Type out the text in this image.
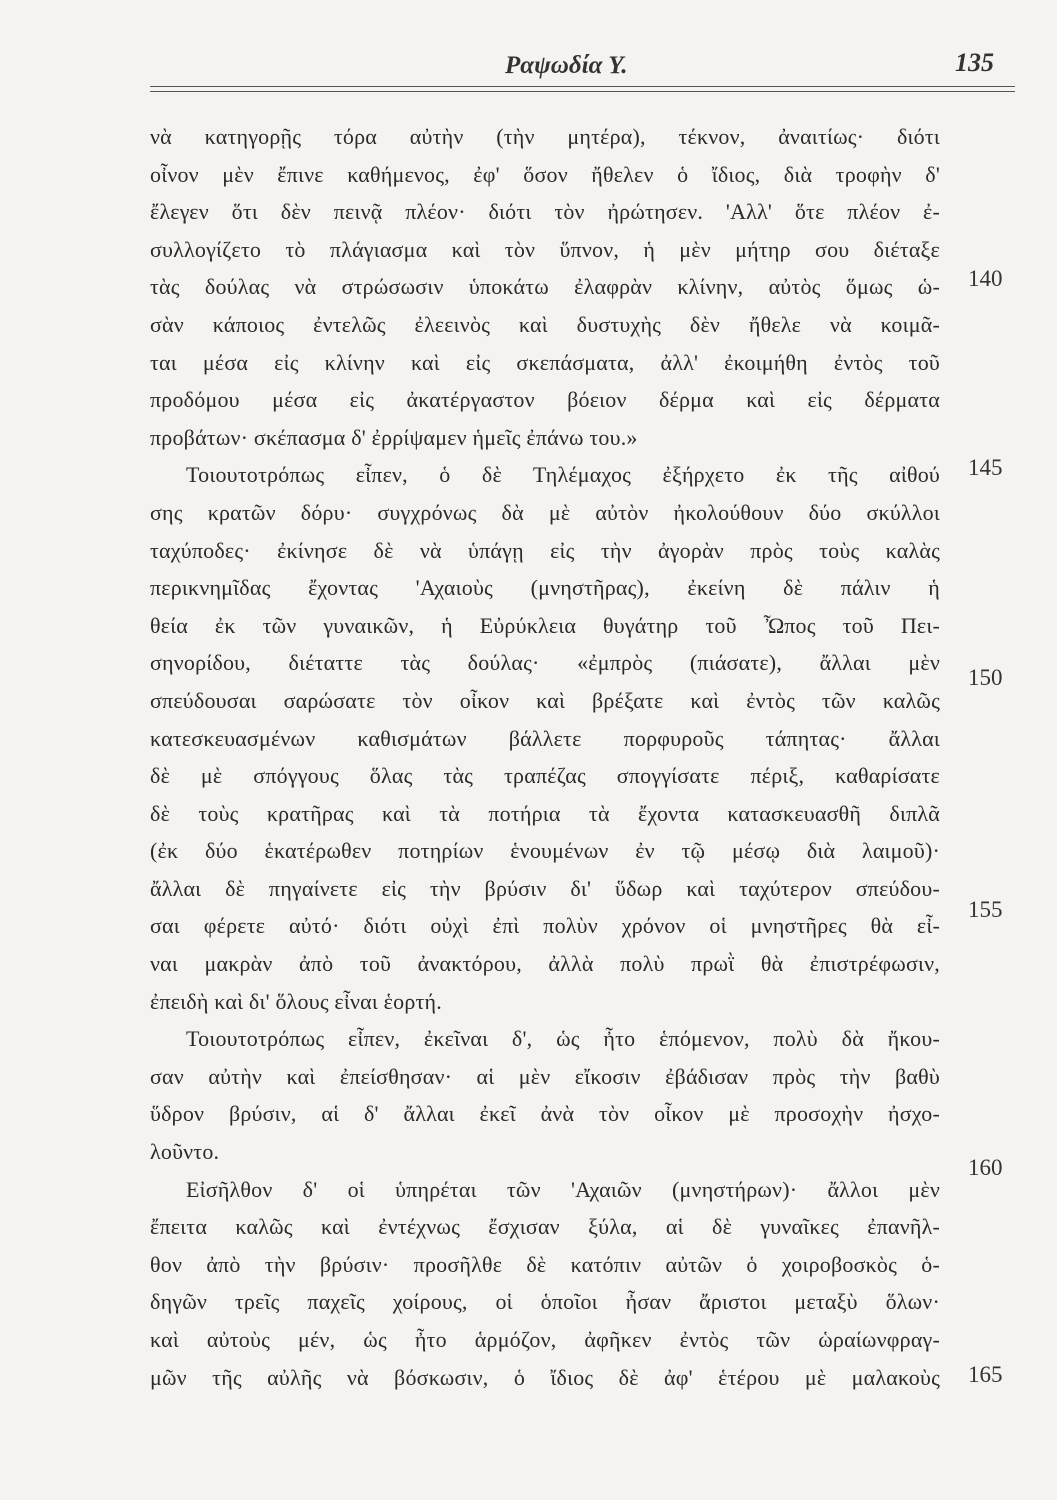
Ραψωδία Υ.	135
νὰ κατηγορῇς τόρα αὐτὴν (τὴν μητέρα), τέκνον, ἀναιτίως· διότι
οἶνον μὲν ἔπινε καθήμενος, ἐφ' ὅσον ἤθελεν ὁ ἴδιος, διὰ τροφὴν δ'
ἔλεγεν ὅτι δὲν πεινᾷ πλέον· διότι τὸν ἠρώτησεν. 'Αλλ' ὅτε πλέον ἐ-
συλλογίζετο τὸ πλάγιασμα καὶ τὸν ὕπνον, ἡ μὲν μήτηρ σου διέταξε
τὰς δούλας νὰ στρώσωσιν ὑποκάτω ἐλαφρὰν κλίνην, αὐτὸς ὅμως ὡ-
σὰν κάποιος ἐντελῶς ἐλεεινὸς καὶ δυστυχὴς δὲν ἤθελε νὰ κοιμᾶ-
ται μέσα εἰς κλίνην καὶ εἰς σκεπάσματα, ἀλλ' ἐκοιμήθη ἐντὸς τοῦ
προδόμου μέσα εἰς ἀκατέργαστον βόειον δέρμα καὶ εἰς δέρματα
προβάτων· σκέπασμα δ' ἐρρίψαμεν ἡμεῖς ἐπάνω του.»
Τοιουτοτρόπως εἶπεν, ὁ δὲ Τηλέμαχος ἐξήρχετο ἐκ τῆς αἰθού
σης κρατῶν δόρυ· συγχρόνως δὰ μὲ αὐτὸν ἠκολούθουν δύο σκύλλοι
ταχύποδες· ἐκίνησε δὲ νὰ ὑπάγῃ εἰς τὴν ἀγορὰν πρὸς τοὺς καλὰς
περικνημῖδας ἔχοντας 'Αχαιοὺς (μνηστῆρας), ἐκείνη δὲ πάλιν ἡ
θεία ἐκ τῶν γυναικῶν, ἡ Εὐρύκλεια θυγάτηρ τοῦ Ὦπος τοῦ Πει-
σηνορίδου, διέταττε τὰς δούλας· «ἐμπρὸς (πιάσατε), ἄλλαι μὲν
σπεύδουσαι σαρώσατε τὸν οἶκον καὶ βρέξατε καὶ ἐντὸς τῶν καλῶς
κατεσκευασμένων καθισμάτων βάλλετε πορφυροῦς τάπητας· ἄλλαι
δὲ μὲ σπόγγους ὅλας τὰς τραπέζας σπογγίσατε πέριξ, καθαρίσατε
δὲ τοὺς κρατῆρας καὶ τὰ ποτήρια τὰ ἔχοντα κατασκευασθῆ διπλᾶ
(ἐκ δύο ἑκατέρωθεν ποτηρίων ἑνουμένων ἐν τῷ μέσῳ διὰ λαιμοῦ)·
ἄλλαι δὲ πηγαίνετε εἰς τὴν βρύσιν δι' ὕδωρ καὶ ταχύτερον σπεύδου-
σαι φέρετε αὐτό· διότι οὐχὶ ἐπὶ πολὺν χρόνον οἱ μνηστῆρες θὰ εἶ-
ναι μακρὰν ἀπὸ τοῦ ἀνακτόρου, ἀλλὰ πολὺ πρωῒ θὰ ἐπιστρέφωσιν,
ἐπειδὴ καὶ δι' ὅλους εἶναι ἑορτή.
Τοιουτοτρόπως εἶπεν, ἐκεῖναι δ', ὡς ἦτο ἑπόμενον, πολὺ δὰ ἤκου-
σαν αὐτὴν καὶ ἐπείσθησαν· αἱ μὲν εἴκοσιν ἐβάδισαν πρὸς τὴν βαθὺ
ὕδρον βρύσιν, αἱ δ' ἄλλαι ἐκεῖ ἀνὰ τὸν οἶκον μὲ προσοχὴν ἠσχο-
λοῦντο.
Εἰσῆλθον δ' οἱ ὑπηρέται τῶν 'Αχαιῶν (μνηστήρων)· ἄλλοι μὲν
ἔπειτα καλῶς καὶ ἐντέχνως ἔσχισαν ξύλα, αἱ δὲ γυναῖκες ἐπανῆλ-
θον ἀπὸ τὴν βρύσιν· προσῆλθε δὲ κατόπιν αὐτῶν ὁ χοιροβοσκὸς ὁ-
δηγῶν τρεῖς παχεῖς χοίρους, οἱ ὁποῖοι ἦσαν ἄριστοι μεταξὺ ὅλων·
καὶ αὐτοὺς μέν, ὡς ἦτο ἁρμόζον, ἀφῆκεν ἐντὸς τῶν ὡραίωνφραγ-
μῶν τῆς αὐλῆς νὰ βόσκωσιν, ὁ ἴδιος δὲ ἀφ' ἑτέρου μὲ μαλακοὺς
140
145
150
155
160
165
